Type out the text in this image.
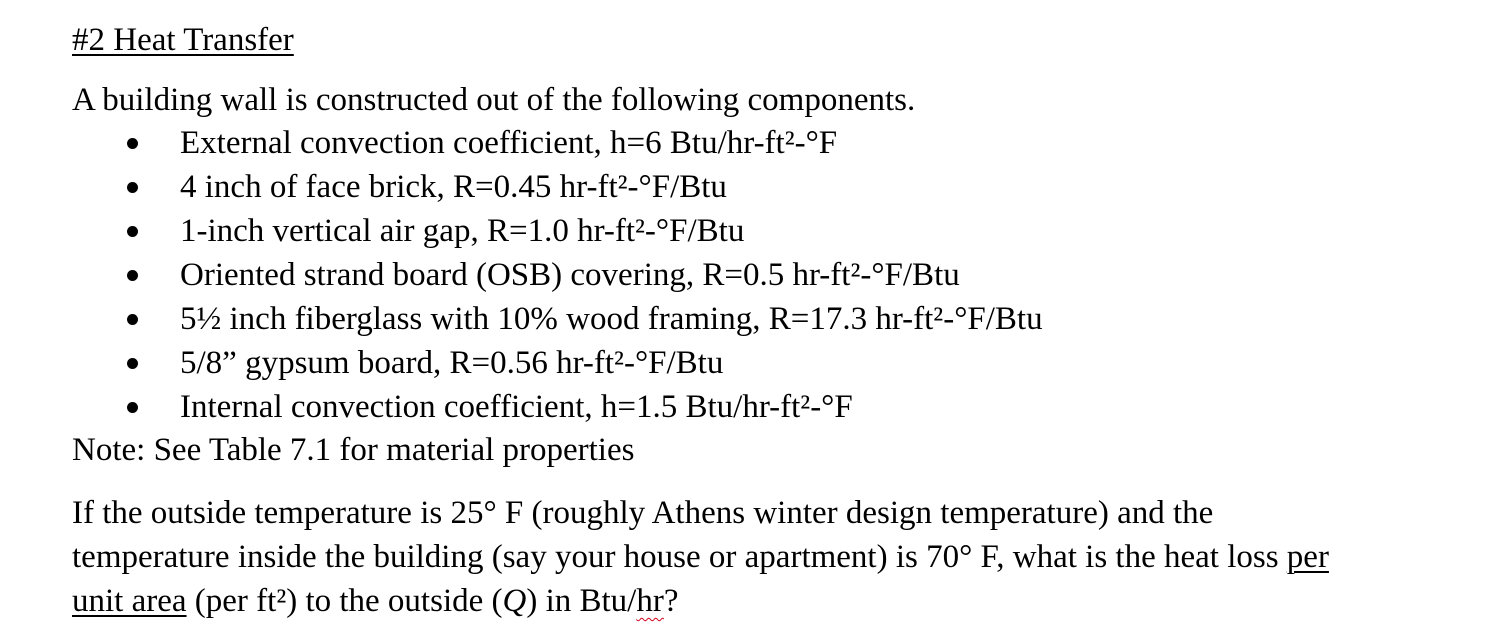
#2 Heat Transfer
A building wall is constructed out of the following components.
External convection coefficient, h=6 Btu/hr-ft²-°F
4 inch of face brick, R=0.45 hr-ft²-°F/Btu
1-inch vertical air gap, R=1.0 hr-ft²-°F/Btu
Oriented strand board (OSB) covering, R=0.5 hr-ft²-°F/Btu
5½ inch fiberglass with 10% wood framing, R=17.3 hr-ft²-°F/Btu
5/8” gypsum board, R=0.56 hr-ft²-°F/Btu
Internal convection coefficient, h=1.5 Btu/hr-ft²-°F
Note: See Table 7.1 for material properties
If the outside temperature is 25° F (roughly Athens winter design temperature) and the
temperature inside the building (say your house or apartment) is 70° F, what is the heat loss per
unit area (per ft²) to the outside (Q) in Btu/hr?
